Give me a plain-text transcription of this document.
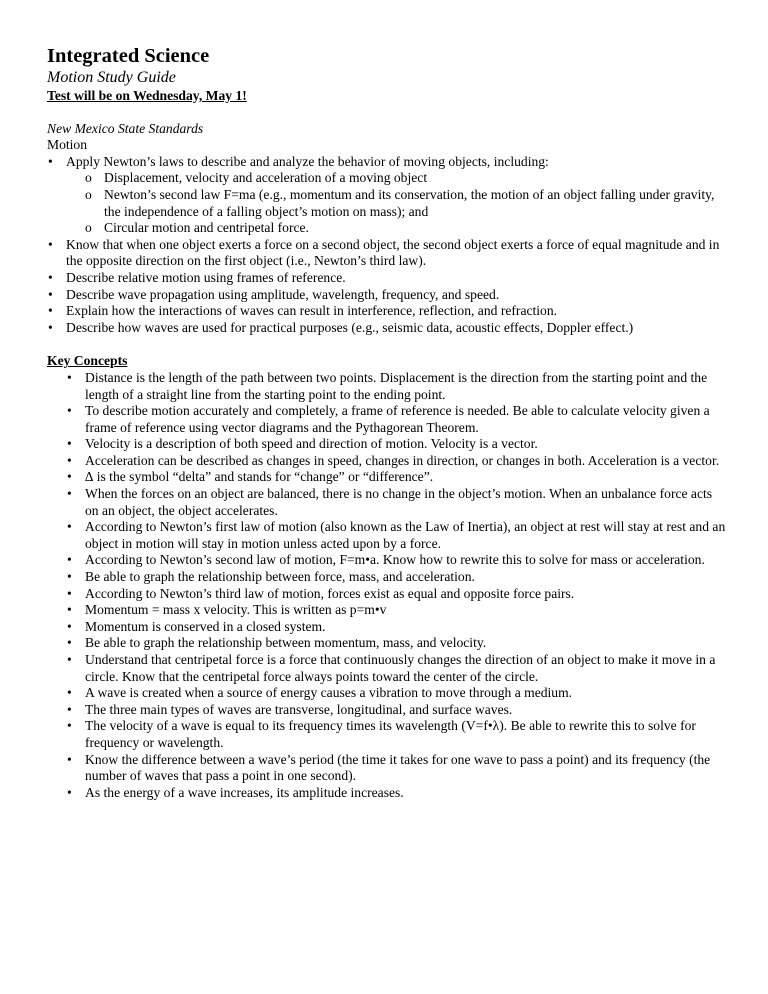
Integrated Science
Motion Study Guide
Test will be on Wednesday, May 1!
New Mexico State Standards
Motion
• Apply Newton’s laws to describe and analyze the behavior of moving objects, including:
o Displacement, velocity and acceleration of a moving object
o Newton’s second law F=ma (e.g., momentum and its conservation, the motion of an object falling under gravity, the independence of a falling object’s motion on mass); and
o Circular motion and centripetal force.
• Know that when one object exerts a force on a second object, the second object exerts a force of equal magnitude and in the opposite direction on the first object (i.e., Newton’s third law).
• Describe relative motion using frames of reference.
• Describe wave propagation using amplitude, wavelength, frequency, and speed.
• Explain how the interactions of waves can result in interference, reflection, and refraction.
• Describe how waves are used for practical purposes (e.g., seismic data, acoustic effects, Doppler effect.)
Key Concepts
• Distance is the length of the path between two points. Displacement is the direction from the starting point and the length of a straight line from the starting point to the ending point.
• To describe motion accurately and completely, a frame of reference is needed. Be able to calculate velocity given a frame of reference using vector diagrams and the Pythagorean Theorem.
• Velocity is a description of both speed and direction of motion. Velocity is a vector.
• Acceleration can be described as changes in speed, changes in direction, or changes in both. Acceleration is a vector.
• ∆ is the symbol “delta” and stands for “change” or “difference”.
• When the forces on an object are balanced, there is no change in the object’s motion. When an unbalance force acts on an object, the object accelerates.
• According to Newton’s first law of motion (also known as the Law of Inertia), an object at rest will stay at rest and an object in motion will stay in motion unless acted upon by a force.
• According to Newton’s second law of motion, F=m•a. Know how to rewrite this to solve for mass or acceleration.
• Be able to graph the relationship between force, mass, and acceleration.
• According to Newton’s third law of motion, forces exist as equal and opposite force pairs.
• Momentum = mass x velocity. This is written as p=m•v
• Momentum is conserved in a closed system.
• Be able to graph the relationship between momentum, mass, and velocity.
• Understand that centripetal force is a force that continuously changes the direction of an object to make it move in a circle. Know that the centripetal force always points toward the center of the circle.
• A wave is created when a source of energy causes a vibration to move through a medium.
• The three main types of waves are transverse, longitudinal, and surface waves.
• The velocity of a wave is equal to its frequency times its wavelength (V=f•λ). Be able to rewrite this to solve for frequency or wavelength.
• Know the difference between a wave’s period (the time it takes for one wave to pass a point) and its frequency (the number of waves that pass a point in one second).
• As the energy of a wave increases, its amplitude increases.
